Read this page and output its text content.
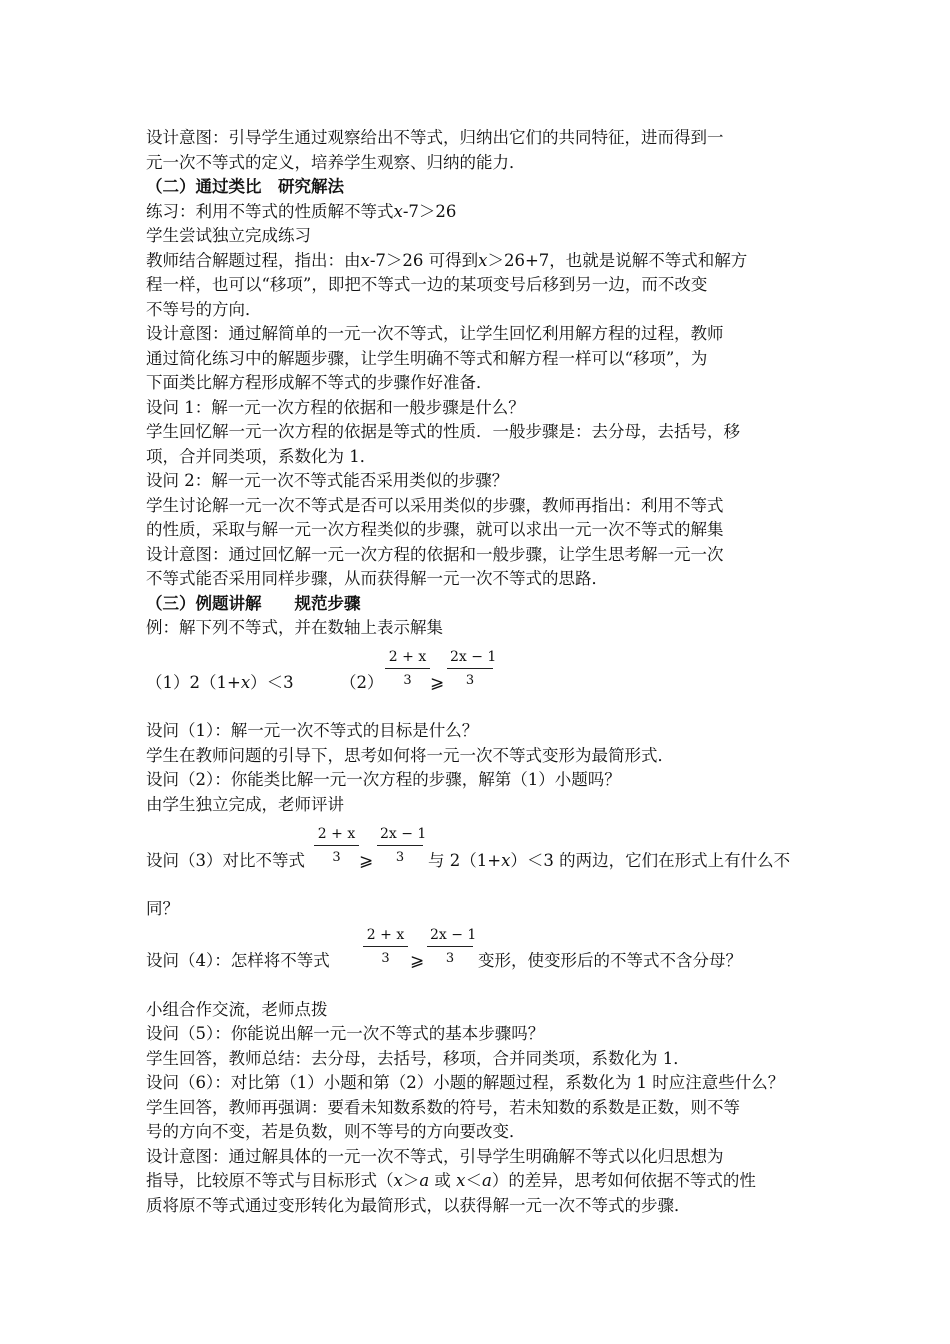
设计意图：引导学生通过观察给出不等式，归纳出它们的共同特征，进而得到一
元一次不等式的定义，培养学生观察、归纳的能力．
（二）通过类比　研究解法
练习：利用不等式的性质解不等式x-7＞26
学生尝试独立完成练习
教师结合解题过程，指出：由x-7＞26 可得到x＞26+7，也就是说解不等式和解方
程一样，也可以“移项”，即把不等式一边的某项变号后移到另一边，而不改变
不等号的方向．
设计意图：通过解简单的一元一次不等式，让学生回忆利用解方程的过程，教师
通过简化练习中的解题步骤，让学生明确不等式和解方程一样可以“移项”，为
下面类比解方程形成解不等式的步骤作好准备．
设问 1：解一元一次方程的依据和一般步骤是什么？
学生回忆解一元一次方程的依据是等式的性质．一般步骤是：去分母，去括号，移
项，合并同类项，系数化为 1．
设问 2：解一元一次不等式能否采用类似的步骤？
学生讨论解一元一次不等式是否可以采用类似的步骤，教师再指出：利用不等式
的性质，采取与解一元一次方程类似的步骤，就可以求出一元一次不等式的解集
设计意图：通过回忆解一元一次方程的依据和一般步骤，让学生思考解一元一次
不等式能否采用同样步骤，从而获得解一元一次不等式的思路．
（三）例题讲解　　规范步骤
例：解下列不等式，并在数轴上表示解集
（1）2（1+x）＜3	$(2) \frac{2 + x}{3}$ ⩾ $\frac{2x - 1}{3}$
设问（1）：解一元一次不等式的目标是什么？
学生在教师问题的引导下，思考如何将一元一次不等式变形为最简形式．
设问（2）：你能类比解一元一次方程的步骤，解第（1）小题吗？
由学生独立完成，老师评讲
设问（3）对比不等式 $\frac{2 + x}{3}$ ⩾ $\frac{2x - 1}{3}$ 与 2（1+x）＜3 的两边，它们在形式上有什么不
同？
设问（4）：怎样将不等式 $\frac{2 + x}{3}$ ⩾ $\frac{2x - 1}{3}$ 变形，使变形后的不等式不含分母？
小组合作交流，老师点拨
设问（5）：你能说出解一元一次不等式的基本步骤吗？
学生回答，教师总结：去分母，去括号，移项，合并同类项，系数化为 1．
设问（6）：对比第（1）小题和第（2）小题的解题过程，系数化为 1 时应注意些什么？
学生回答，教师再强调：要看未知数系数的符号，若未知数的系数是正数，则不等
号的方向不变，若是负数，则不等号的方向要改变．
设计意图：通过解具体的一元一次不等式，引导学生明确解不等式以化归思想为
指导，比较原不等式与目标形式（x＞a 或 x＜a）的差异，思考如何依据不等式的性
质将原不等式通过变形转化为最简形式，以获得解一元一次不等式的步骤．
